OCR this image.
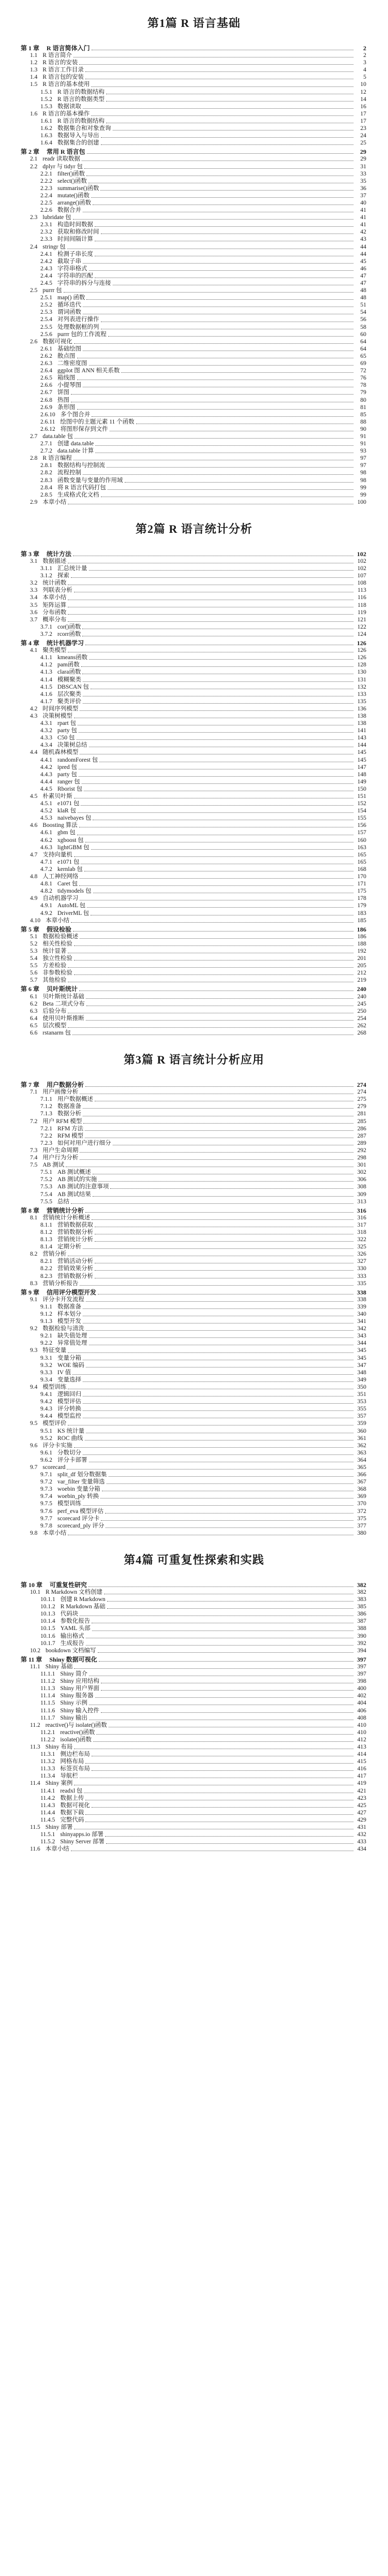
第1篇 R 语言基础
第 1 章 R 语言简体入门	2
1.1 R 语言简介	2
1.2 R 语言的安装	3
1.3 R 语言工作目录	4
1.4 R 语言包的安装	5
1.5 R 语言的基本使用	10
1.5.1 R 语言的数据结构	12
1.5.2 R 语言的数据类型	14
1.5.3 数据读取	16
1.6 R 语言的基本操作	17
1.6.1 R 语言的数据结构	17
1.6.2 数据集合和对象查询	23
1.6.3 数据导入与导出	24
1.6.4 数据集合的创建	25
第 2 章 常用 R 语言包	29
2.1 readr 读取数据	29
2.2 dplyr 与 tidyr 包	31
2.2.1 filter()函数	33
2.2.2 select()函数	35
2.2.3 summarise()函数	36
2.2.4 mutate()函数	37
2.2.5 arrange()函数	40
2.2.6 数据合并	41
2.3 lubridate 包	41
2.3.1 构造时间数据	41
2.3.2 获取和修改时间	42
2.3.3 时间间隔计算	43
2.4 stringr 包	44
2.4.1 检测子串长度	44
2.4.2 截取子串	45
2.4.3 字符串格式	46
2.4.4 字符串的匹配	47
2.4.5 字符串的拆分与连接	47
2.5 purrr 包	48
2.5.1 map() 函数	48
2.5.2 循环迭代	51
2.5.3 谓词函数	54
2.5.4 对列表进行操作	56
2.5.5 处理数据框的列	58
2.5.6 purrr 包的工作流程	60
2.6 数据可视化	64
2.6.1 基础绘图	64
2.6.2 散点图	65
2.6.3 二维密度图	69
2.6.4 ggplot 图 ANN 相关系数	72
2.6.5 箱线图	76
2.6.6 小提琴图	78
2.6.7 饼图	79
2.6.8 热图	80
2.6.9 条形图	81
2.6.10 多个图合并	85
2.6.11 绘图中的主题元素 11 个函数	88
2.6.12 将图形保存到文件	90
2.7 data.table 包	91
2.7.1 创建 data.table	91
2.7.2 data.table 计算	93
2.8 R 语言编程	97
2.8.1 数据结构与控制流	97
2.8.2 流程控制	98
2.8.3 函数变量与变量的作用域	98
2.8.4 将 R 语言代码打包	99
2.8.5 生成格式化文档	99
2.9 本章小结	100
第2篇 R 语言统计分析
第 3 章 统计方法	102
3.1 数据描述	102
3.1.1 汇总统计量	102
3.1.2 探索	107
3.2 统计函数	108
3.3 列联表分析	113
3.4 本章小结	116
3.5 矩阵运算	118
3.6 分布函数	119
3.7 概率分布	121
3.7.1 cor()函数	122
3.7.2 rcorr函数	124
第 4 章 统计机器学习	126
4.1 聚类模型	126
4.1.1 kmeans函数	126
4.1.2 pam函数	128
4.1.3 clara函数	130
4.1.4 模糊聚类	131
4.1.5 DBSCAN 包	132
4.1.6 层次聚类	133
4.1.7 聚类评价	135
4.2 时间序列模型	136
4.3 决策树模型	138
4.3.1 rpart 包	138
4.3.2 party 包	141
4.3.3 C50 包	143
4.3.4 决策树总结	144
4.4 随机森林模型	145
4.4.1 randomForest 包	145
4.4.2 ipred 包	147
4.4.3 party 包	148
4.4.4 ranger 包	149
4.4.5 Rborist 包	150
4.5 朴素贝叶斯	151
4.5.1 e1071 包	152
4.5.2 klaR 包	154
4.5.3 naivebayes 包	155
4.6 Boosting 算法	156
4.6.1 gbm 包	157
4.6.2 xgboost 包	160
4.6.3 lightGBM 包	163
4.7 支持向量机	165
4.7.1 e1071 包	165
4.7.2 kernlab 包	168
4.8 人工神经网络	170
4.8.1 Caret 包	171
4.8.2 tidymodels 包	175
4.9 自动机器学习	178
4.9.1 AutoML 包	179
4.9.2 DriverML 包	183
4.10 本章小结	185
第 5 章 假设检验	186
5.1 数据检验概述	186
5.2 相关性检验	188
5.3 统计显著	192
5.4 独立性检验	201
5.5 方差检验	205
5.6 非参数检验	212
5.7 其他检验	219
第 6 章 贝叶斯统计	240
6.1 贝叶斯统计基础	240
6.2 Beta 二项式分布	245
6.3 后验分布	250
6.4 使用贝叶斯推断	254
6.5 层次模型	262
6.6 rstanarm 包	268
第3篇 R 语言统计分析应用
第 7 章 用户数据分析	274
7.1 用户画像分析	274
7.1.1 用户数据概述	275
7.1.2 数据准备	279
7.1.3 数据分析	281
7.2 用户 RFM 模型	285
7.2.1 RFM 方法	286
7.2.2 RFM 模型	287
7.2.3 如何对用户进行细分	289
7.3 用户生命周期	292
7.4 用户行为分析	298
7.5 AB 测试	301
7.5.1 AB 测试概述	302
7.5.2 AB 测试的实施	306
7.5.3 AB 测试的注意事项	308
7.5.4 AB 测试结果	309
7.5.5 总结	313
第 8 章 营销统计分析	316
8.1 营销统计分析概述	316
8.1.1 营销数据获取	317
8.1.2 营销数据分析	318
8.1.3 营销统计分析	322
8.1.4 定期分析	325
8.2 营销分析	326
8.2.1 营销活动分析	327
8.2.2 营销效果分析	330
8.2.3 营销数据分析	333
8.3 营销分析报告	335
第 9 章 信用评分模型开发	338
9.1 评分卡开发流程	338
9.1.1 数据准备	339
9.1.2 样本划分	340
9.1.3 模型开发	341
9.2 数据检验与清洗	342
9.2.1 缺失值处理	343
9.2.2 异常值处理	344
9.3 特征变量	345
9.3.1 变量分箱	345
9.3.2 WOE 编码	347
9.3.3 IV 值	348
9.3.4 变量选择	349
9.4 模型训练	350
9.4.1 逻辑回归	351
9.4.2 模型评估	353
9.4.3 评分转换	355
9.4.4 模型监控	357
9.5 模型评价	359
9.5.1 KS 统计量	360
9.5.2 ROC 曲线	361
9.6 评分卡实施	362
9.6.1 分数切分	363
9.6.2 评分卡部署	364
9.7 scorecard	365
9.7.1 split_df 划分数据集	366
9.7.2 var_filter 变量筛选	367
9.7.3 woebin 变量分箱	368
9.7.4 woebin_ply 转换	369
9.7.5 模型训练	370
9.7.6 perf_eva 模型评估	372
9.7.7 scorecard 评分卡	375
9.7.8 scorecard_ply 评分	377
9.8 本章小结	380
第4篇 可重复性探索和实践
第 10 章 可重复性研究	382
10.1 R Markdown 文档创建	382
10.1.1 创建 R Markdown	383
10.1.2 R Markdown 基础	385
10.1.3 代码块	386
10.1.4 参数化报告	387
10.1.5 YAML 头部	388
10.1.6 输出格式	390
10.1.7 生成报告	392
10.2 bookdown 文档编写	394
第 11 章 Shiny 数据可视化	397
11.1 Shiny 基础	397
11.1.1 Shiny 简介	397
11.1.2 Shiny 应用结构	398
11.1.3 Shiny 用户界面	400
11.1.4 Shiny 服务器	402
11.1.5 Shiny 示例	404
11.1.6 Shiny 输入控件	406
11.1.7 Shiny 输出	408
11.2 reactive()与 isolate()函数	410
11.2.1 reactive()函数	410
11.2.2 isolate()函数	412
11.3 Shiny 布局	413
11.3.1 侧边栏布局	414
11.3.2 网格布局	415
11.3.3 标签页布局	416
11.3.4 导航栏	417
11.4 Shiny 案例	419
11.4.1 readxl 包	421
11.4.2 数据上传	423
11.4.3 数据可视化	425
11.4.4 数据下载	427
11.4.5 完整代码	429
11.5 Shiny 部署	431
11.5.1 shinyapps.io 部署	432
11.5.2 Shiny Server 部署	433
11.6 本章小结	434
